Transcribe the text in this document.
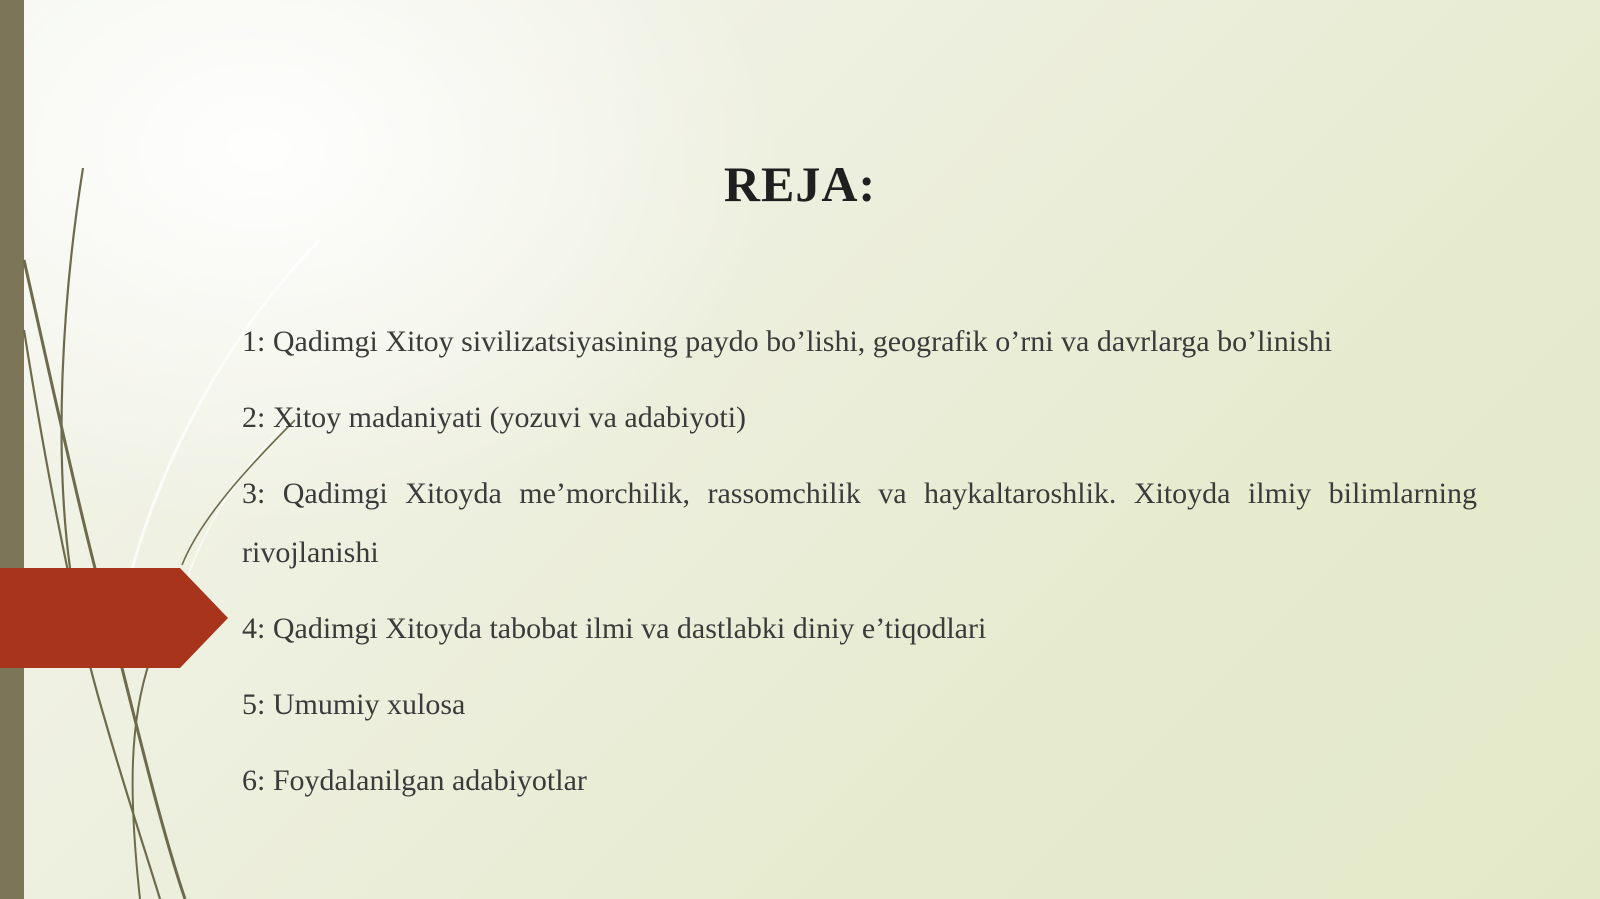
REJA:
1: Qadimgi Xitoy sivilizatsiyasining paydo bo’lishi, geografik o’rni va davrlarga bo’linishi
2: Xitoy madaniyati (yozuvi va adabiyoti)
3: Qadimgi Xitoyda me’morchilik, rassomchilik va haykaltaroshlik. Xitoyda ilmiy bilimlarning rivojlanishi
4: Qadimgi Xitoyda tabobat ilmi va dastlabki diniy e’tiqodlari
5: Umumiy xulosa
6: Foydalanilgan adabiyotlar
